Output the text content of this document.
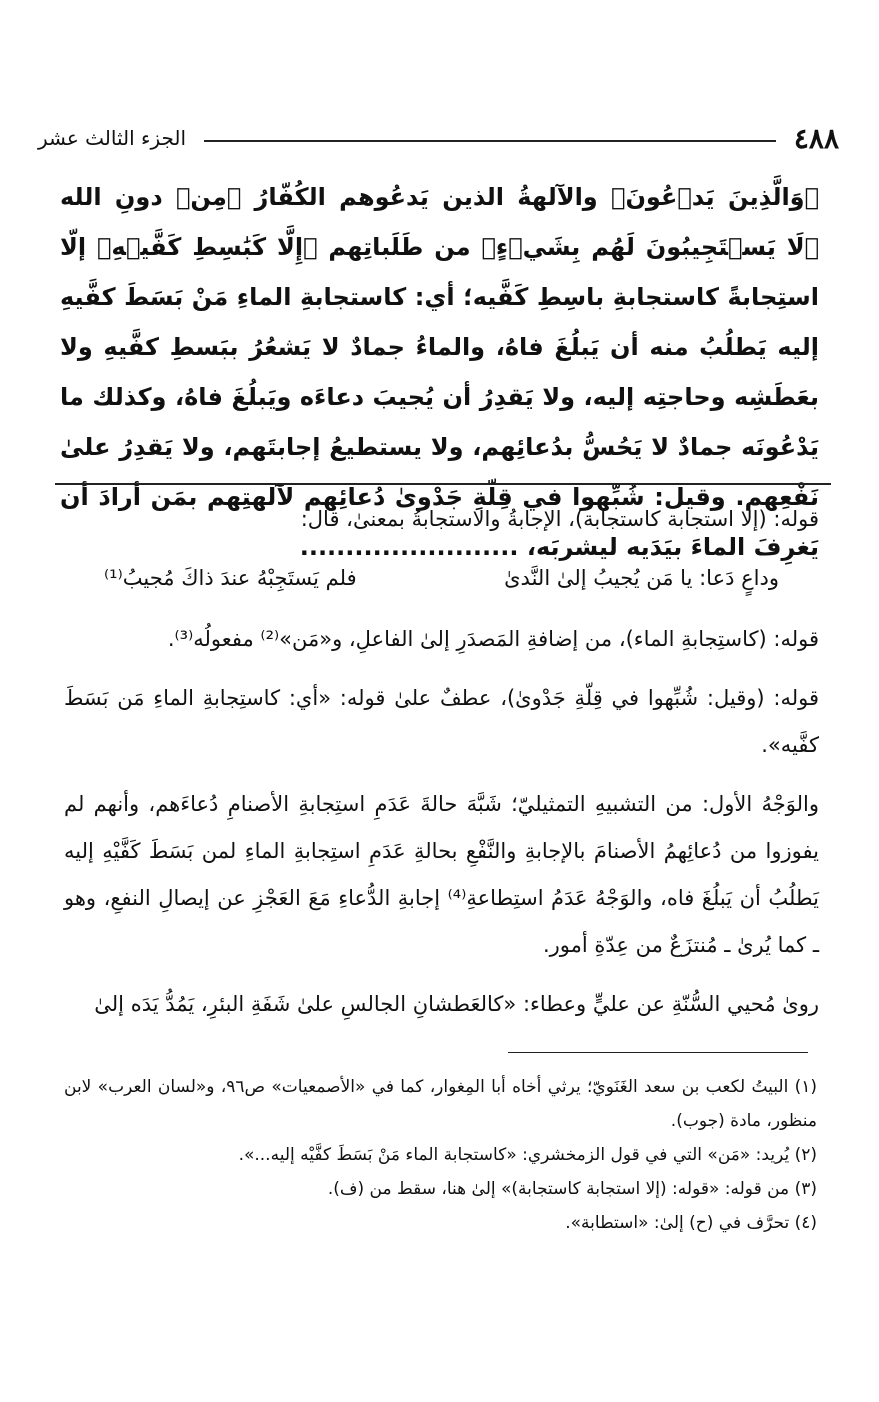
٤٨٨
الجزء الثالث عشر
﴿وَالَّذِينَ يَدۡعُونَ﴾ والآلهةُ الذين يَدعُوهم الكُفّارُ ﴿مِن﴾ دونِ الله ﴿لَا يَسۡتَجِيبُونَ لَهُم بِشَيۡءٍ﴾ من طَلَباتِهم ﴿إِلَّا كَبَٰسِطِ كَفَّيۡهِ﴾ إلّا استِجابةً كاستجابةِ باسِطِ كَفَّيه؛ أي: كاستجابةِ الماءِ مَنْ بَسَطَ كفَّيهِ إليه يَطلُبُ منه أن يَبلُغَ فاهُ، والماءُ جمادٌ لا يَشعُرُ ببَسطِ كفَّيهِ ولا بعَطَشِه وحاجتِه إليه، ولا يَقدِرُ أن يُجيبَ دعاءَه ويَبلُغَ فاهُ، وكذلك ما يَدْعُونَه جمادٌ لا يَحُسُّ بدُعائِهم، ولا يستطيعُ إجابتَهم، ولا يَقدِرُ علىٰ نَفْعِهم. وقيل: شُبِّهوا في قِلّةِ جَدْوىٰ دُعائِهم لآلهتِهم بمَن أرادَ أن يَغرِفَ الماءَ بيَدَيه ليشربَه، ........................

قوله: (إلا استجابة كاستجابة)، الإجابةُ والاستجابةُ بمعنىٰ، قال:

وداعٍ دَعا: يا مَن يُجيبُ إلىٰ النَّدىٰ
فلم يَستَجِبْهُ عندَ ذاكَ مُجيبُ⁽¹⁾

قوله: (كاستِجابةِ الماء)، من إضافةِ المَصدَرِ إلىٰ الفاعلِ، و«مَن»⁽²⁾ مفعولُه⁽³⁾.

قوله: (وقيل: شُبِّهوا في قِلّةِ جَدْوىٰ)، عطفٌ علىٰ قوله: «أي: كاستِجابةِ الماءِ مَن بَسَطَ كفَّيه».

والوَجْهُ الأول: من التشبيهِ التمثيليّ؛ شَبَّهَ حالةَ عَدَمِ استِجابةِ الأصنامِ دُعاءَهم، وأنهم لم يفوزوا من دُعائِهمُ الأصنامَ بالإجابةِ والنَّفْعِ بحالةِ عَدَمِ استِجابةِ الماءِ لمن بَسَطَ كَفَّيْهِ إليه يَطلُبُ أن يَبلُغَ فاه، والوَجْهُ عَدَمُ استِطاعةِ⁽⁴⁾ إجابةِ الدُّعاءِ مَعَ العَجْزِ عن إيصالِ النفعِ، وهو ـ كما يُرىٰ ـ مُنتزَعٌ من عِدّةِ أمور.

روىٰ مُحيي السُّنّةِ عن عليٍّ وعطاء: «كالعَطشانِ الجالسِ علىٰ شَفَةِ البئرِ، يَمُدُّ يَدَه إلىٰ

(١) البيتُ لكعب بن سعد الغَنَويّ؛ يرثي أخاه أبا المِغوار، كما في «الأصمعيات» ص٩٦، و«لسان العرب» لابن منظور، مادة (جوب).

(٢) يُريد: «مَن» التي في قول الزمخشري: «كاستجابة الماء مَنْ بَسَطَ كفَّيْه إليه...».

(٣) من قوله: «قوله: (إلا استجابة كاستجابة)» إلىٰ هنا، سقط من (ف).

(٤) تحرَّف في (ح) إلىٰ: «استطابة».
